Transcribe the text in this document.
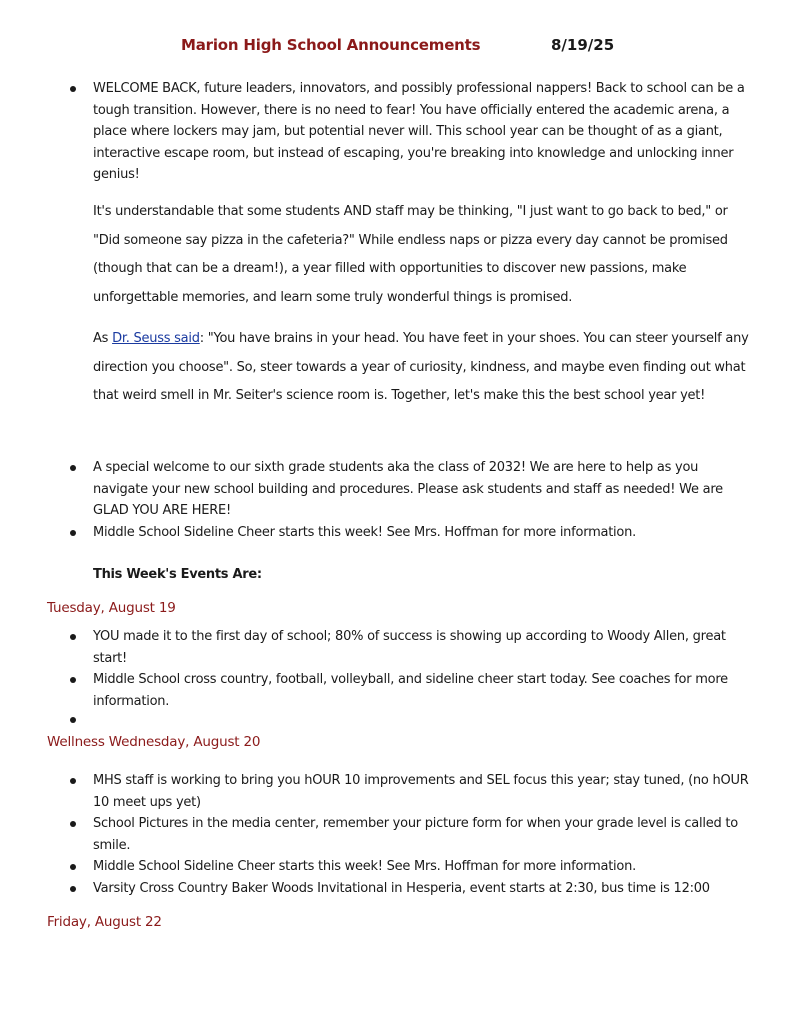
Marion High School Announcements	8/19/25
WELCOME BACK, future leaders, innovators, and possibly professional nappers! Back to school can be a tough transition. However, there is no need to fear! You have officially entered the academic arena, a place where lockers may jam, but potential never will. This school year can be thought of as a giant, interactive escape room, but instead of escaping, you're breaking into knowledge and unlocking inner genius!
It's understandable that some students AND staff may be thinking, "I just want to go back to bed," or "Did someone say pizza in the cafeteria?" While endless naps or pizza every day cannot be promised (though that can be a dream!), a year filled with opportunities to discover new passions, make unforgettable memories, and learn some truly wonderful things is promised.
As Dr. Seuss said: "You have brains in your head. You have feet in your shoes. You can steer yourself any direction you choose". So, steer towards a year of curiosity, kindness, and maybe even finding out what that weird smell in Mr. Seiter's science room is. Together, let's make this the best school year yet!
A special welcome to our sixth grade students aka the class of 2032! We are here to help as you navigate your new school building and procedures. Please ask students and staff as needed! We are GLAD YOU ARE HERE!
Middle School Sideline Cheer starts this week! See Mrs. Hoffman for more information.
This Week's Events Are:
Tuesday, August 19
YOU made it to the first day of school; 80% of success is showing up according to Woody Allen, great start!
Middle School cross country, football, volleyball, and sideline cheer start today. See coaches for more information.
Wellness Wednesday, August 20
MHS staff is working to bring you hOUR 10 improvements and SEL focus this year; stay tuned, (no hOUR 10 meet ups yet)
School Pictures in the media center, remember your picture form for when your grade level is called to smile.
Middle School Sideline Cheer starts this week! See Mrs. Hoffman for more information.
Varsity Cross Country Baker Woods Invitational in Hesperia, event starts at 2:30, bus time is 12:00
Friday, August 22
